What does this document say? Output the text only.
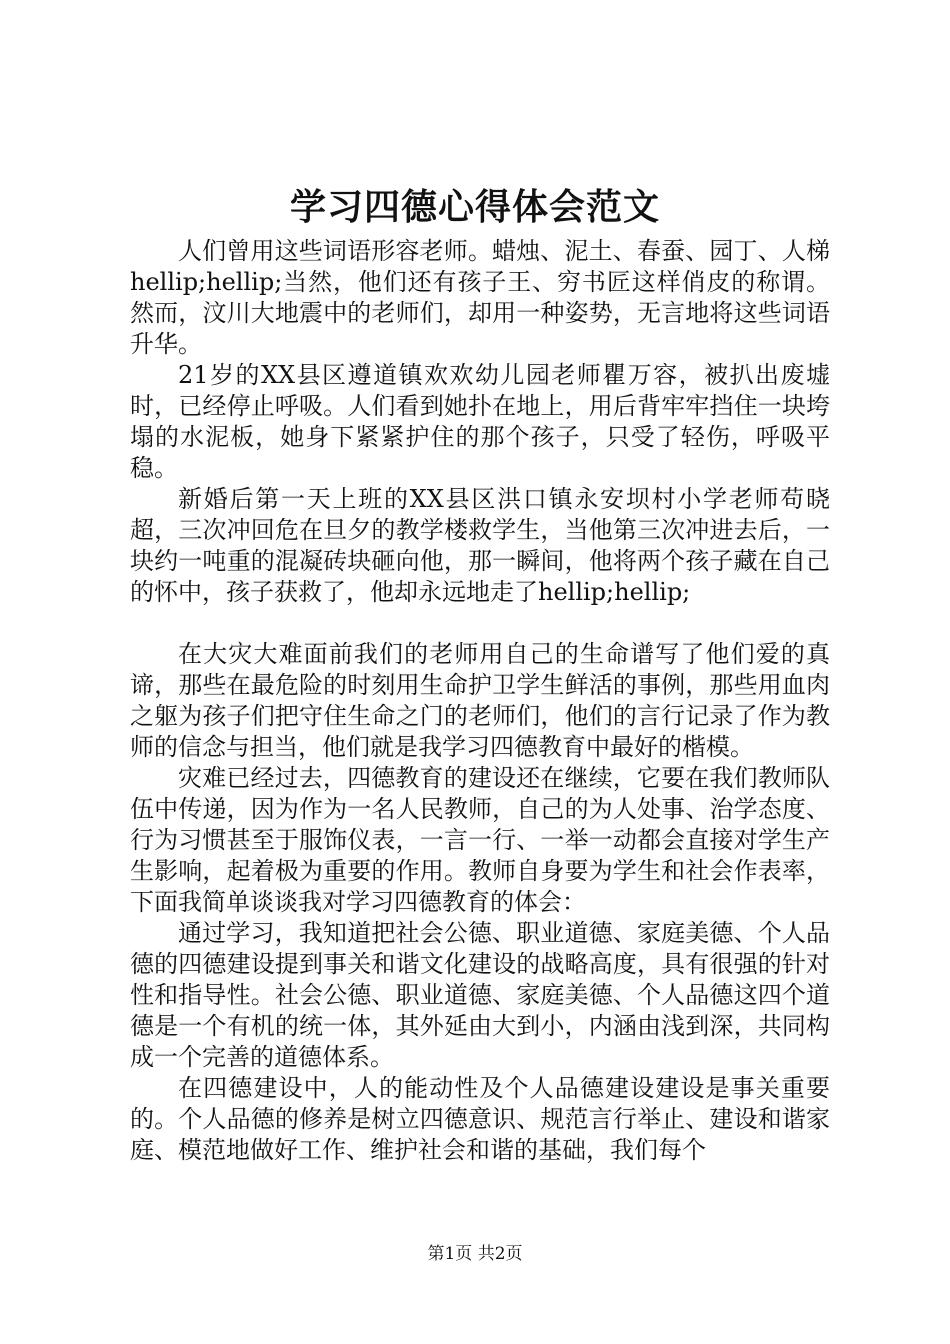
学习四德心得体会范文

人们曾用这些词语形容老师。蜡烛、泥土、春蚕、园丁、人梯hellip;hellip;当然，他们还有孩子王、穷书匠这样俏皮的称谓。然而，汶川大地震中的老师们，却用一种姿势，无言地将这些词语升华。

21岁的XX县区遵道镇欢欢幼儿园老师瞿万容，被扒出废墟时，已经停止呼吸。人们看到她扑在地上，用后背牢牢挡住一块垮塌的水泥板，她身下紧紧护住的那个孩子，只受了轻伤，呼吸平稳。

新婚后第一天上班的XX县区洪口镇永安坝村小学老师苟晓超，三次冲回危在旦夕的教学楼救学生，当他第三次冲进去后，一块约一吨重的混凝砖块砸向他，那一瞬间，他将两个孩子藏在自己的怀中，孩子获救了，他却永远地走了hellip;hellip;

在大灾大难面前我们的老师用自己的生命谱写了他们爱的真谛，那些在最危险的时刻用生命护卫学生鲜活的事例，那些用血肉之躯为孩子们把守住生命之门的老师们，他们的言行记录了作为教师的信念与担当，他们就是我学习四德教育中最好的楷模。

灾难已经过去，四德教育的建设还在继续，它要在我们教师队伍中传递，因为作为一名人民教师，自己的为人处事、治学态度、行为习惯甚至于服饰仪表，一言一行、一举一动都会直接对学生产生影响，起着极为重要的作用。教师自身要为学生和社会作表率，下面我简单谈谈我对学习四德教育的体会：

通过学习，我知道把社会公德、职业道德、家庭美德、个人品德的四德建设提到事关和谐文化建设的战略高度，具有很强的针对性和指导性。社会公德、职业道德、家庭美德、个人品德这四个道德是一个有机的统一体，其外延由大到小，内涵由浅到深，共同构成一个完善的道德体系。

在四德建设中，人的能动性及个人品德建设建设是事关重要的。个人品德的修养是树立四德意识、规范言行举止、建设和谐家庭、模范地做好工作、维护社会和谐的基础，我们每个

第1页 共2页
